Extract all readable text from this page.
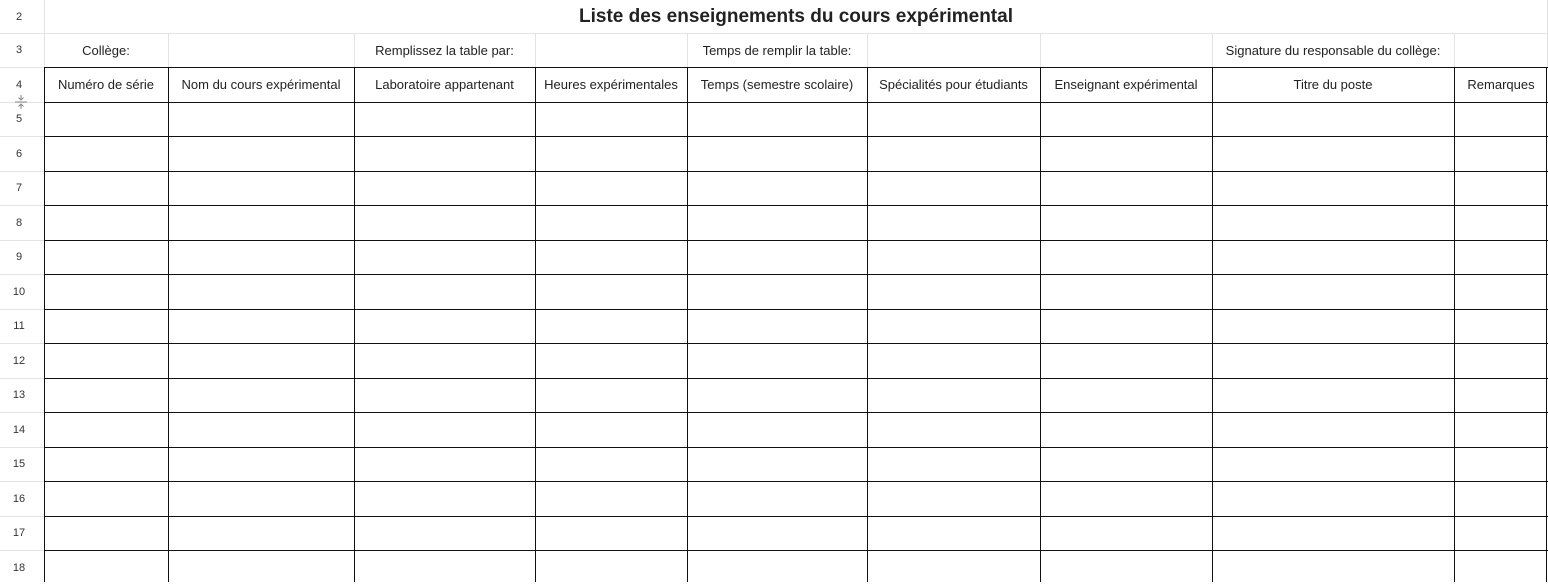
2
3
4
5
6
7
8
9
10
11
12
13
14
15
16
17
18
Liste des enseignements du cours expérimental
Collège:	Remplissez la table par:	Temps de remplir la table:	Signature du responsable du collège:
Numéro de série	Nom du cours expérimental	Laboratoire appartenant	Heures expérimentales	Temps (semestre scolaire)	Spécialités pour étudiants	Enseignant expérimental	Titre du poste	Remarques
